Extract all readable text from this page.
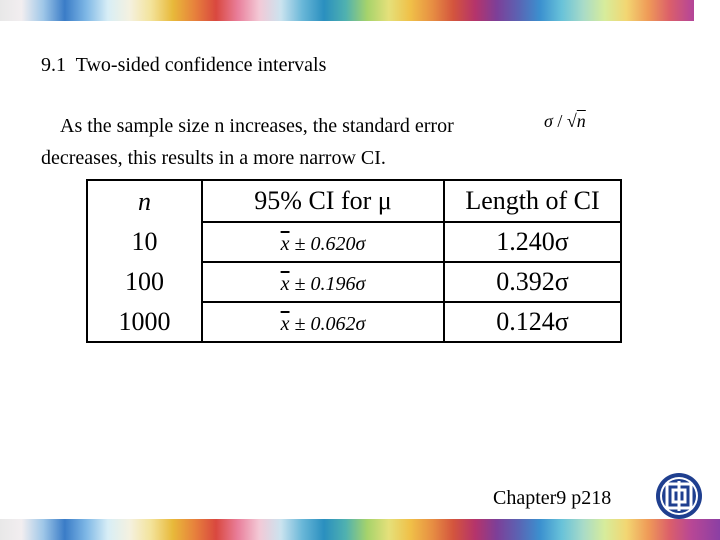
9.1  Two-sided confidence intervals
As the sample size n increases, the standard error
decreases, this results in a more narrow CI.
σ / √n
n	95% CI for μ	Length of CI
10	$\overline{x} \pm 0.620\sigma$	1.240σ
100	$\overline{x} \pm 0.196\sigma$	0.392σ
1000	$\overline{x} \pm 0.062\sigma$	0.124σ
Chapter9 p218
